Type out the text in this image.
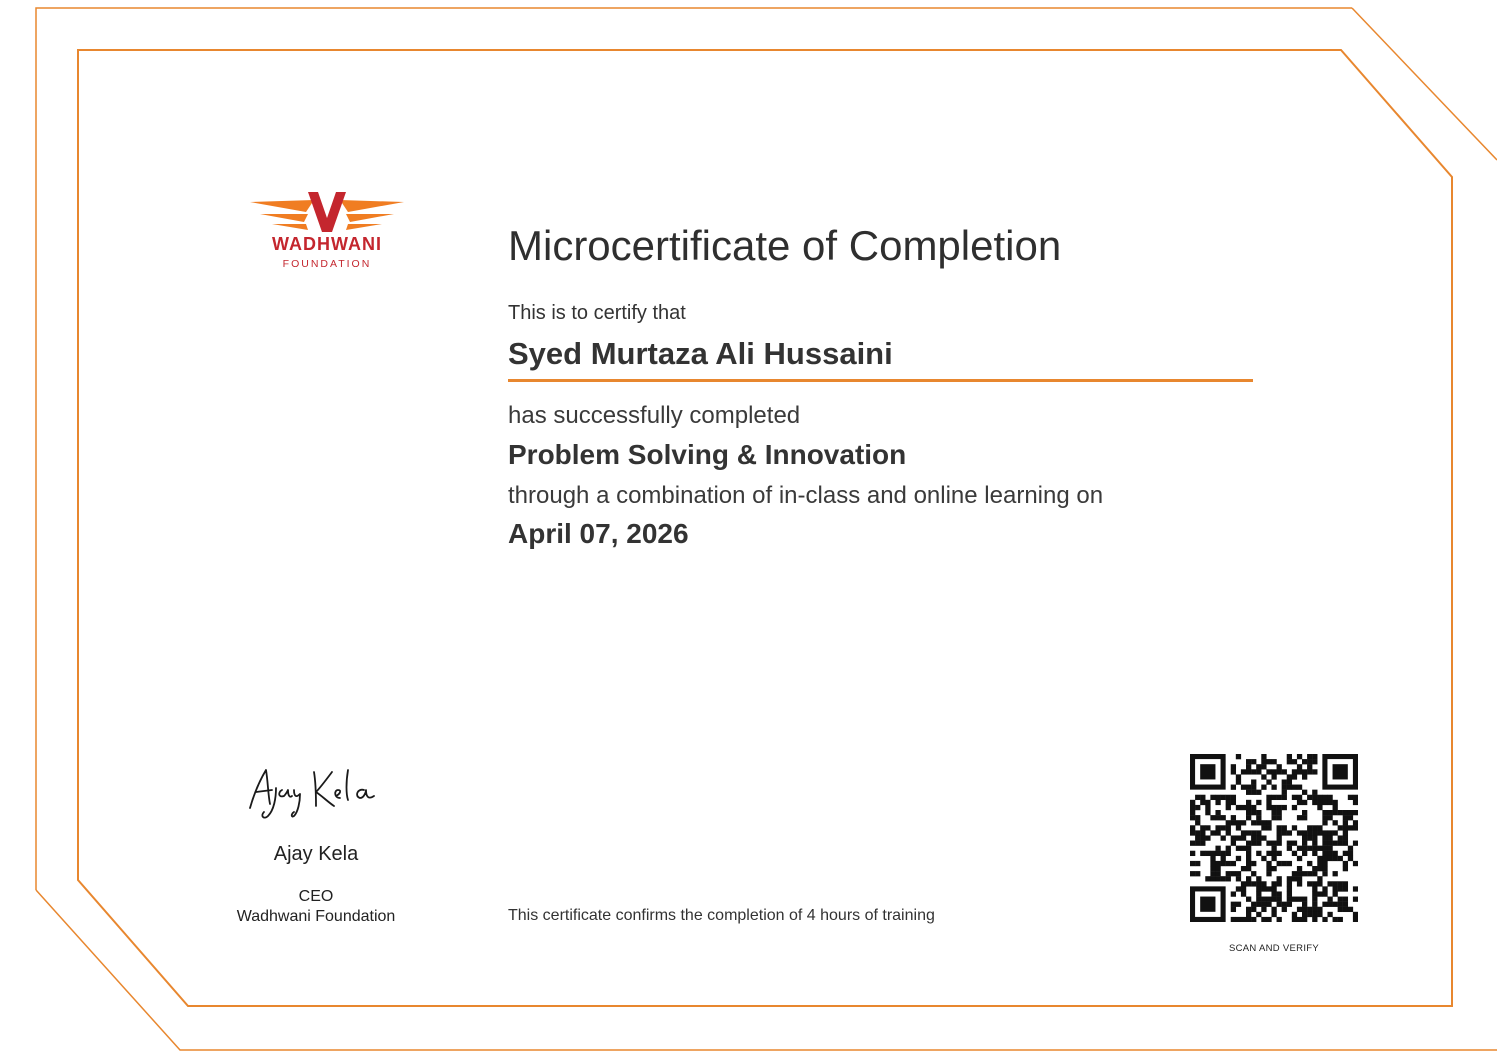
WADHWANI
FOUNDATION	Microcertificate of Completion
This is to certify that
Syed Murtaza Ali Hussaini
has successfully completed
Problem Solving & Innovation
through a combination of in-class and online learning on
April 07, 2026
Ajay Kela
CEO
Wadhwani Foundation	This certificate confirms the completion of 4 hours of training
SCAN AND VERIFY
